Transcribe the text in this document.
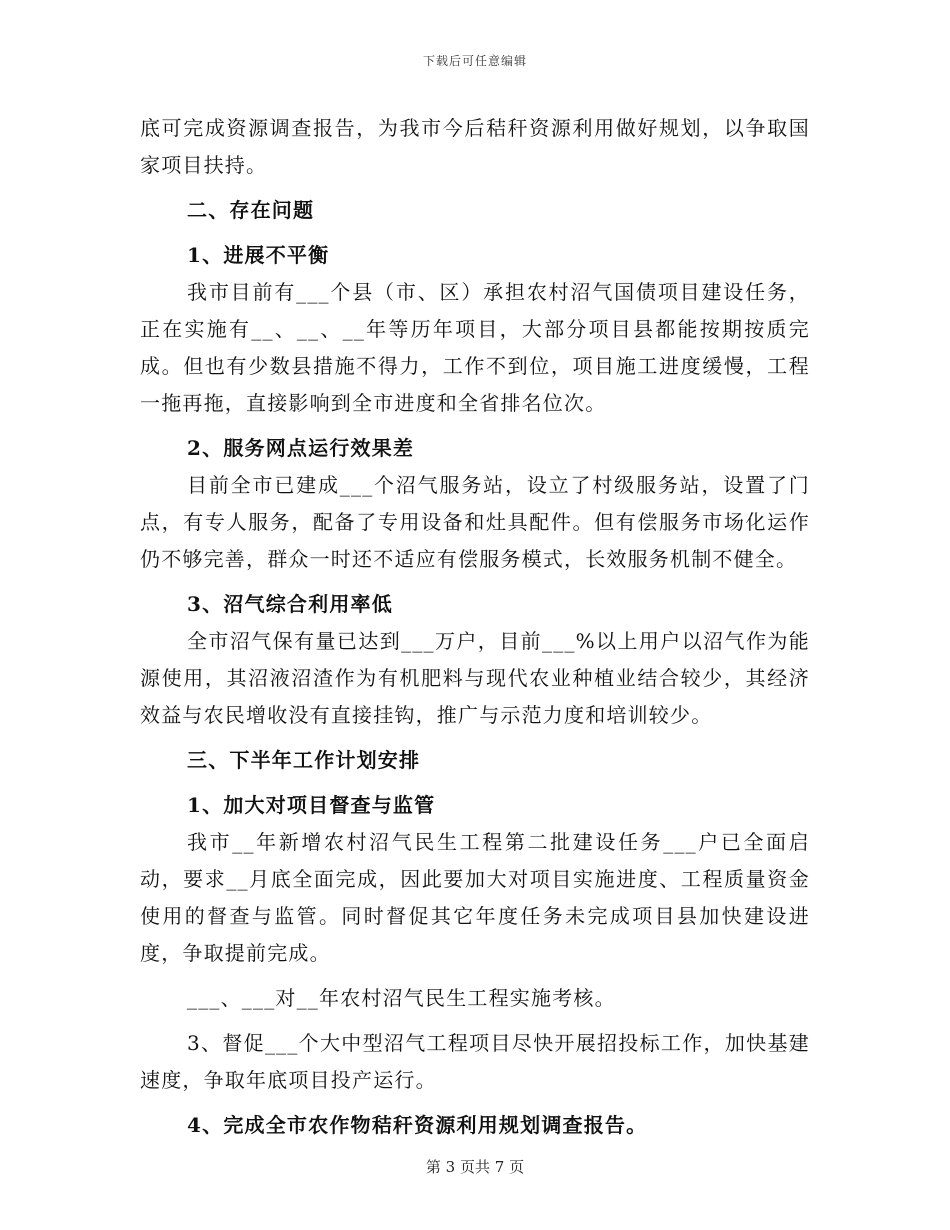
下载后可任意编辑

底可完成资源调查报告，为我市今后秸秆资源利用做好规划，以争取国家项目扶持。

二、存在问题

1、进展不平衡

我市目前有___个县（市、区）承担农村沼气国债项目建设任务，正在实施有__、__、__年等历年项目，大部分项目县都能按期按质完成。但也有少数县措施不得力，工作不到位，项目施工进度缓慢，工程一拖再拖，直接影响到全市进度和全省排名位次。

2、服务网点运行效果差

目前全市已建成___个沼气服务站，设立了村级服务站，设置了门点，有专人服务，配备了专用设备和灶具配件。但有偿服务市场化运作仍不够完善，群众一时还不适应有偿服务模式，长效服务机制不健全。

3、沼气综合利用率低

全市沼气保有量已达到___万户，目前___%以上用户以沼气作为能源使用，其沼液沼渣作为有机肥料与现代农业种植业结合较少，其经济效益与农民增收没有直接挂钩，推广与示范力度和培训较少。

三、下半年工作计划安排

1、加大对项目督查与监管

我市__年新增农村沼气民生工程第二批建设任务___户已全面启动，要求__月底全面完成，因此要加大对项目实施进度、工程质量资金使用的督查与监管。同时督促其它年度任务未完成项目县加快建设进度，争取提前完成。

___、___对__年农村沼气民生工程实施考核。

3、督促___个大中型沼气工程项目尽快开展招投标工作，加快基建速度，争取年底项目投产运行。

4、完成全市农作物秸秆资源利用规划调查报告。

第 3 页共 7 页
